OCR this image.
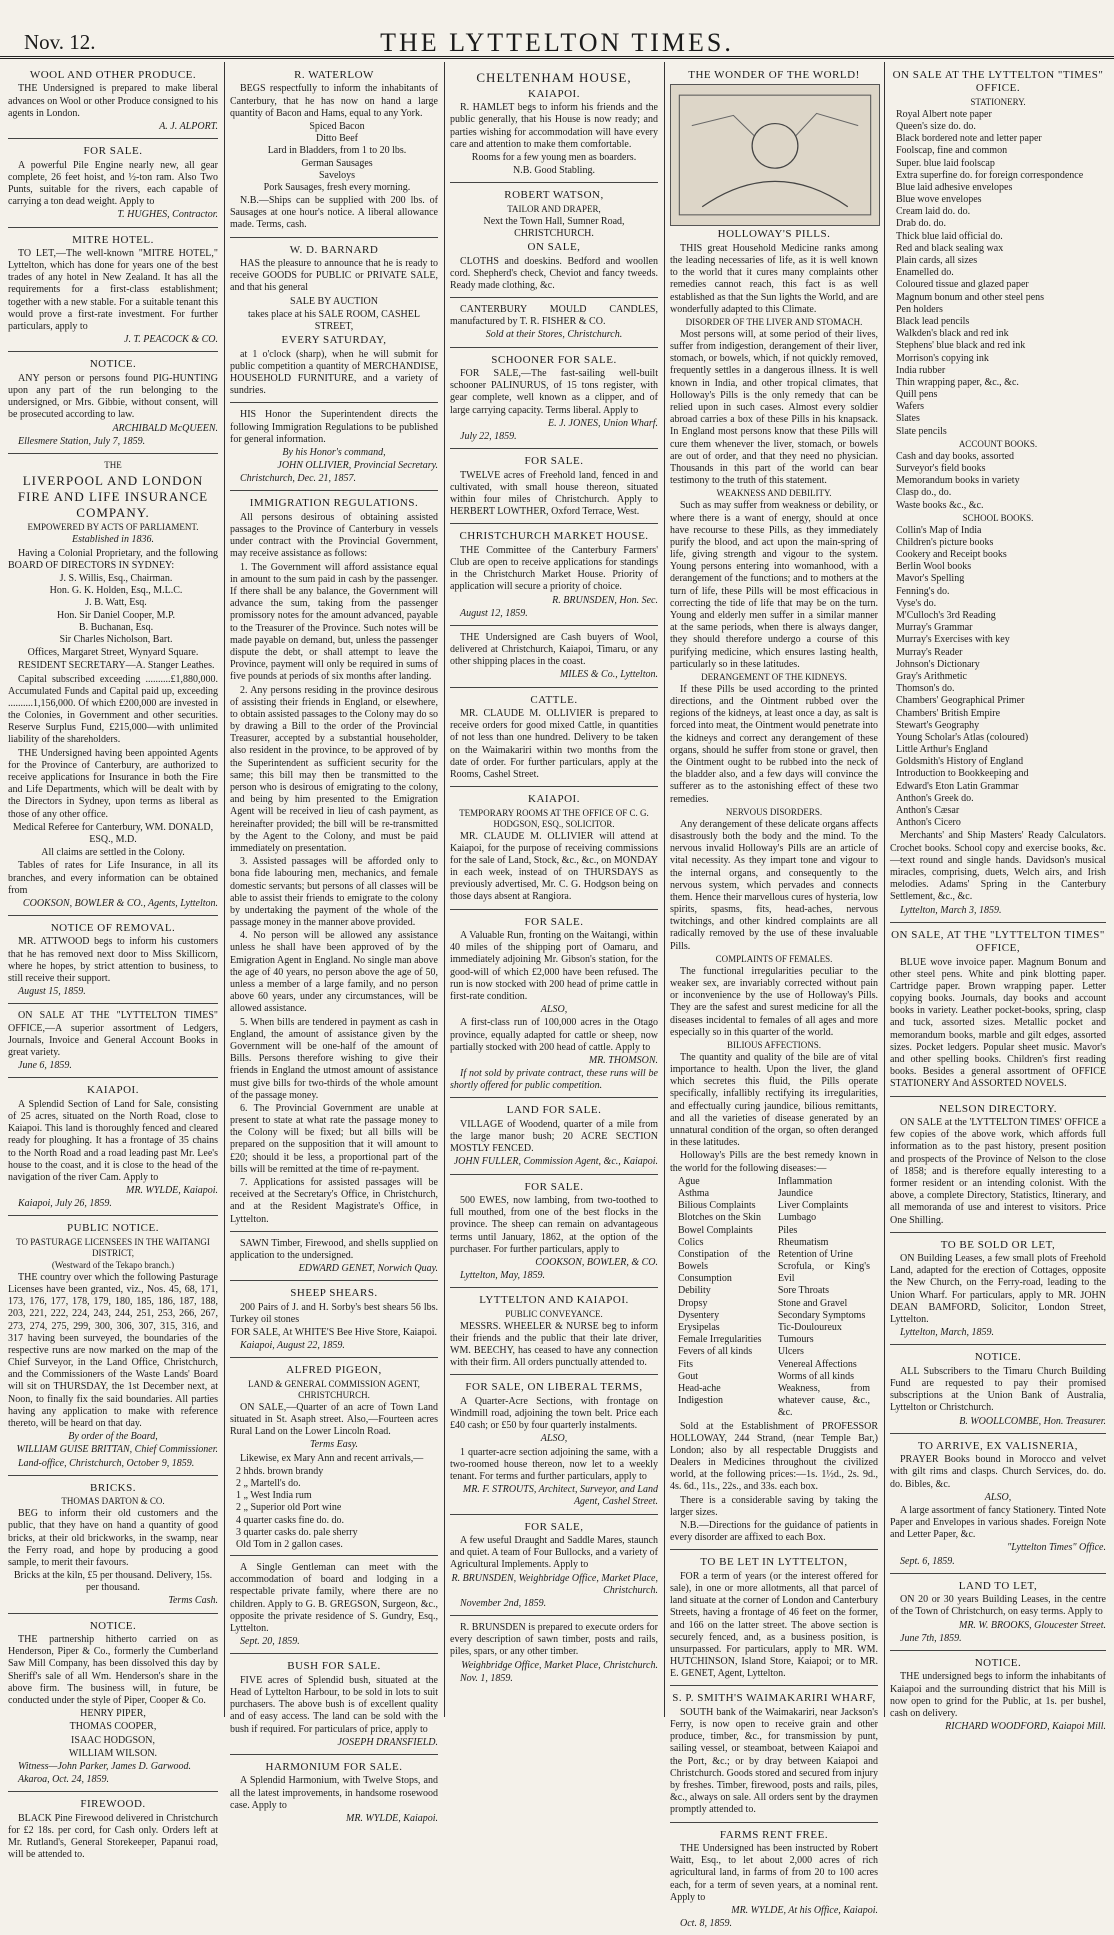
Nov. 12.	THE LYTTELTON TIMES.
WOOL AND OTHER PRODUCE.
THE Undersigned is prepared to make liberal advances on Wool or other Produce consigned to his agents in London.
A. J. ALPORT.
FOR SALE.
A powerful Pile Engine nearly new, all gear complete, 26 feet hoist, and ½-ton ram. Also Two Punts, suitable for the rivers, each capable of carrying a ton dead weight. Apply to
T. HUGHES, Contractor.
MITRE HOTEL.
TO LET,—The well-known "MITRE HOTEL," Lyttelton, which has done for years one of the best trades of any hotel in New Zealand. It has all the requirements for a first-class establishment; together with a new stable. For a suitable tenant this would prove a first-rate investment. For further particulars, apply to
J. T. PEACOCK & CO.
NOTICE.
ANY person or persons found PIG-HUNTING upon any part of the run belonging to the undersigned, or Mrs. Gibbie, without consent, will be prosecuted according to law.
ARCHIBALD McQUEEN.
Ellesmere Station, July 7, 1859.
THE
LIVERPOOL AND LONDON FIRE AND LIFE INSURANCE COMPANY.
EMPOWERED BY ACTS OF PARLIAMENT.
Established in 1836.
Having a Colonial Proprietary, and the following BOARD OF DIRECTORS IN SYDNEY:
J. S. Willis, Esq., Chairman.
Hon. G. K. Holden, Esq., M.L.C.
J. B. Watt, Esq.
Hon. Sir Daniel Cooper, M.P.
B. Buchanan, Esq.
Sir Charles Nicholson, Bart.
Offices, Margaret Street, Wynyard Square.
RESIDENT SECRETARY—A. Stanger Leathes.
Capital subscribed exceeding ..........£1,880,000. Accumulated Funds and Capital paid up, exceeding ..........1,156,000. Of which £200,000 are invested in the Colonies, in Government and other securities. Reserve Surplus Fund, £215,000—with unlimited liability of the shareholders.
THE Undersigned having been appointed Agents for the Province of Canterbury, are authorized to receive applications for Insurance in both the Fire and Life Departments, which will be dealt with by the Directors in Sydney, upon terms as liberal as those of any other office.
Medical Referee for Canterbury, WM. DONALD, ESQ., M.D.
All claims are settled in the Colony.
Tables of rates for Life Insurance, in all its branches, and every information can be obtained from
COOKSON, BOWLER & CO., Agents, Lyttelton.
NOTICE OF REMOVAL.
MR. ATTWOOD begs to inform his customers that he has removed next door to Miss Skillicorn, where he hopes, by strict attention to business, to still receive their support.
August 15, 1859.
ON SALE AT THE "LYTTELTON TIMES" OFFICE,—A superior assortment of Ledgers, Journals, Invoice and General Account Books in great variety.
June 6, 1859.
KAIAPOI.
A Splendid Section of Land for Sale, consisting of 25 acres, situated on the North Road, close to Kaiapoi. This land is thoroughly fenced and cleared ready for ploughing. It has a frontage of 35 chains to the North Road and a road leading past Mr. Lee's house to the coast, and it is close to the head of the navigation of the river Cam. Apply to
MR. WYLDE, Kaiapoi.
Kaiapoi, July 26, 1859.
PUBLIC NOTICE.
TO PASTURAGE LICENSEES IN THE WAITANGI DISTRICT,
(Westward of the Tekapo branch.)
THE country over which the following Pasturage Licenses have been granted, viz., Nos. 45, 68, 171, 173, 176, 177, 178, 179, 180, 185, 186, 187, 188, 203, 221, 222, 224, 243, 244, 251, 253, 266, 267, 273, 274, 275, 299, 300, 306, 307, 315, 316, and 317 having been surveyed, the boundaries of the respective runs are now marked on the map of the Chief Surveyor, in the Land Office, Christchurch, and the Commissioners of the Waste Lands' Board will sit on THURSDAY, the 1st December next, at Noon, to finally fix the said boundaries. All parties having any application to make with reference thereto, will be heard on that day.
By order of the Board,
WILLIAM GUISE BRITTAN, Chief Commissioner.
Land-office, Christchurch, October 9, 1859.
BRICKS.
THOMAS DARTON & CO.
BEG to inform their old customers and the public, that they have on hand a quantity of good bricks, at their old brickworks, in the swamp, near the Ferry road, and hope by producing a good sample, to merit their favours.
Bricks at the kiln, £5 per thousand. Delivery, 15s. per thousand.
Terms Cash.
NOTICE.
THE partnership hitherto carried on as Henderson, Piper & Co., formerly the Cumberland Saw Mill Company, has been dissolved this day by Sheriff's sale of all Wm. Henderson's share in the above firm. The business will, in future, be conducted under the style of Piper, Cooper & Co.
HENRY PIPER,
THOMAS COOPER,
ISAAC HODGSON,
WILLIAM WILSON.
Witness—John Parker, James D. Garwood.
Akaroa, Oct. 24, 1859.
FIREWOOD.
BLACK Pine Firewood delivered in Christchurch for £2 18s. per cord, for Cash only. Orders left at Mr. Rutland's, General Storekeeper, Papanui road, will be attended to.
R. WATERLOW
BEGS respectfully to inform the inhabitants of Canterbury, that he has now on hand a large quantity of Bacon and Hams, equal to any York.
Spiced Bacon
Ditto Beef
Lard in Bladders, from 1 to 20 lbs.
German Sausages
Saveloys
Pork Sausages, fresh every morning.
N.B.—Ships can be supplied with 200 lbs. of Sausages at one hour's notice. A liberal allowance made. Terms, cash.
W. D. BARNARD
HAS the pleasure to announce that he is ready to receive GOODS for PUBLIC or PRIVATE SALE, and that his general
SALE BY AUCTION
takes place at his SALE ROOM, CASHEL STREET,
EVERY SATURDAY,
at 1 o'clock (sharp), when he will submit for public competition a quantity of MERCHANDISE, HOUSEHOLD FURNITURE, and a variety of sundries.
HIS Honor the Superintendent directs the following Immigration Regulations to be published for general information.
By his Honor's command,
JOHN OLLIVIER, Provincial Secretary.
Christchurch, Dec. 21, 1857.
IMMIGRATION REGULATIONS.
All persons desirous of obtaining assisted passages to the Province of Canterbury in vessels under contract with the Provincial Government, may receive assistance as follows:
1. The Government will afford assistance equal in amount to the sum paid in cash by the passenger. If there shall be any balance, the Government will advance the sum, taking from the passenger promissory notes for the amount advanced, payable to the Treasurer of the Province. Such notes will be made payable on demand, but, unless the passenger dispute the debt, or shall attempt to leave the Province, payment will only be required in sums of five pounds at periods of six months after landing.
2. Any persons residing in the province desirous of assisting their friends in England, or elsewhere, to obtain assisted passages to the Colony may do so by drawing a Bill to the order of the Provincial Treasurer, accepted by a substantial householder, also resident in the province, to be approved of by the Superintendent as sufficient security for the same; this bill may then be transmitted to the person who is desirous of emigrating to the colony, and being by him presented to the Emigration Agent will be received in lieu of cash payment, as hereinafter provided; the bill will be re-transmitted by the Agent to the Colony, and must be paid immediately on presentation.
3. Assisted passages will be afforded only to bona fide labouring men, mechanics, and female domestic servants; but persons of all classes will be able to assist their friends to emigrate to the colony by undertaking the payment of the whole of the passage money in the manner above provided.
4. No person will be allowed any assistance unless he shall have been approved of by the Emigration Agent in England. No single man above the age of 40 years, no person above the age of 50, unless a member of a large family, and no person above 60 years, under any circumstances, will be allowed assistance.
5. When bills are tendered in payment as cash in England, the amount of assistance given by the Government will be one-half of the amount of Bills. Persons therefore wishing to give their friends in England the utmost amount of assistance must give bills for two-thirds of the whole amount of the passage money.
6. The Provincial Government are unable at present to state at what rate the passage money to the Colony will be fixed; but all bills will be prepared on the supposition that it will amount to £20; should it be less, a proportional part of the bills will be remitted at the time of re-payment.
7. Applications for assisted passages will be received at the Secretary's Office, in Christchurch, and at the Resident Magistrate's Office, in Lyttelton.
SAWN Timber, Firewood, and shells supplied on application to the undersigned.
EDWARD GENET, Norwich Quay.
SHEEP SHEARS.
200 Pairs of J. and H. Sorby's best shears 56 lbs. Turkey oil stones
FOR SALE, At WHITE'S Bee Hive Store, Kaiapoi.
Kaiapoi, August 22, 1859.
ALFRED PIGEON,
LAND & GENERAL COMMISSION AGENT, CHRISTCHURCH.
ON SALE,—Quarter of an acre of Town Land situated in St. Asaph street. Also,—Fourteen acres Rural Land on the Lower Lincoln Road.
Terms Easy.
Likewise, ex Mary Ann and recent arrivals,—
2 hhds. brown brandy
2 „ Martell's do.
1 „ West India rum
2 „ Superior old Port wine
4 quarter casks fine do. do.
3 quarter casks do. pale sherry
Old Tom in 2 gallon cases.
A Single Gentleman can meet with the accommodation of board and lodging in a respectable private family, where there are no children. Apply to G. B. GREGSON, Surgeon, &c., opposite the private residence of S. Gundry, Esq., Lyttelton.
Sept. 20, 1859.
BUSH FOR SALE.
FIVE acres of Splendid bush, situated at the Head of Lyttelton Harbour, to be sold in lots to suit purchasers. The above bush is of excellent quality and of easy access. The land can be sold with the bush if required. For particulars of price, apply to
JOSEPH DRANSFIELD.
HARMONIUM FOR SALE.
A Splendid Harmonium, with Twelve Stops, and all the latest improvements, in handsome rosewood case. Apply to
MR. WYLDE, Kaiapoi.
CHELTENHAM HOUSE,
KAIAPOI.
R. HAMLET begs to inform his friends and the public generally, that his House is now ready; and parties wishing for accommodation will have every care and attention to make them comfortable.
Rooms for a few young men as boarders.
N.B. Good Stabling.
ROBERT WATSON,
TAILOR AND DRAPER,
Next the Town Hall, Sumner Road, CHRISTCHURCH.
ON SALE,
CLOTHS and doeskins. Bedford and woollen cord. Shepherd's check, Cheviot and fancy tweeds. Ready made clothing, &c.
CANTERBURY MOULD CANDLES, manufactured by T. R. FISHER & CO.
Sold at their Stores, Christchurch.
SCHOONER FOR SALE.
FOR SALE,—The fast-sailing well-built schooner PALINURUS, of 15 tons register, with gear complete, well known as a clipper, and of large carrying capacity. Terms liberal. Apply to
E. J. JONES, Union Wharf.
July 22, 1859.
FOR SALE.
TWELVE acres of Freehold land, fenced in and cultivated, with small house thereon, situated within four miles of Christchurch. Apply to HERBERT LOWTHER, Oxford Terrace, West.
CHRISTCHURCH MARKET HOUSE.
THE Committee of the Canterbury Farmers' Club are open to receive applications for standings in the Christchurch Market House. Priority of application will secure a priority of choice.
R. BRUNSDEN, Hon. Sec.
August 12, 1859.
THE Undersigned are Cash buyers of Wool, delivered at Christchurch, Kaiapoi, Timaru, or any other shipping places in the coast.
MILES & Co., Lyttelton.
CATTLE.
MR. CLAUDE M. OLLIVIER is prepared to receive orders for good mixed Cattle, in quantities of not less than one hundred. Delivery to be taken on the Waimakariri within two months from the date of order. For further particulars, apply at the Rooms, Cashel Street.
KAIAPOI.
TEMPORARY ROOMS AT THE OFFICE OF C. G. HODGSON, ESQ., SOLICITOR.
MR. CLAUDE M. OLLIVIER will attend at Kaiapoi, for the purpose of receiving commissions for the sale of Land, Stock, &c., &c., on MONDAY in each week, instead of on THURSDAYS as previously advertised, Mr. C. G. Hodgson being on those days absent at Rangiora.
FOR SALE.
A Valuable Run, fronting on the Waitangi, within 40 miles of the shipping port of Oamaru, and immediately adjoining Mr. Gibson's station, for the good-will of which £2,000 have been refused. The run is now stocked with 200 head of prime cattle in first-rate condition.
ALSO,
A first-class run of 100,000 acres in the Otago province, equally adapted for cattle or sheep, now partially stocked with 200 head of cattle. Apply to
MR. THOMSON.
If not sold by private contract, these runs will be shortly offered for public competition.
LAND FOR SALE.
VILLAGE of Woodend, quarter of a mile from the large manor bush; 20 ACRE SECTION MOSTLY FENCED.
JOHN FULLER, Commission Agent, &c., Kaiapoi.
FOR SALE.
500 EWES, now lambing, from two-toothed to full mouthed, from one of the best flocks in the province. The sheep can remain on advantageous terms until January, 1862, at the option of the purchaser. For further particulars, apply to
COOKSON, BOWLER, & CO.
Lyttelton, May, 1859.
LYTTELTON AND KAIAPOI.
PUBLIC CONVEYANCE.
MESSRS. WHEELER & NURSE beg to inform their friends and the public that their late driver, WM. BEECHY, has ceased to have any connection with their firm. All orders punctually attended to.
FOR SALE, ON LIBERAL TERMS,
A Quarter-Acre Sections, with frontage on Windmill road, adjoining the town belt. Price each £40 cash; or £50 by four quarterly instalments.
ALSO,
1 quarter-acre section adjoining the same, with a two-roomed house thereon, now let to a weekly tenant. For terms and further particulars, apply to
MR. F. STROUTS, Architect, Surveyor, and Land Agent, Cashel Street.
FOR SALE,
A few useful Draught and Saddle Mares, staunch and quiet. A team of Four Bullocks, and a variety of Agricultural Implements. Apply to
R. BRUNSDEN, Weighbridge Office, Market Place, Christchurch.
November 2nd, 1859.
R. BRUNSDEN is prepared to execute orders for every description of sawn timber, posts and rails, piles, spars, or any other timber.
Weighbridge Office, Market Place, Christchurch.
Nov. 1, 1859.
THE WONDER OF THE WORLD!
HOLLOWAY'S PILLS.
THIS great Household Medicine ranks among the leading necessaries of life, as it is well known to the world that it cures many complaints other remedies cannot reach, this fact is as well established as that the Sun lights the World, and are wonderfully adapted to this Climate.
DISORDER OF THE LIVER AND STOMACH.
Most persons will, at some period of their lives, suffer from indigestion, derangement of their liver, stomach, or bowels, which, if not quickly removed, frequently settles in a dangerous illness. It is well known in India, and other tropical climates, that Holloway's Pills is the only remedy that can be relied upon in such cases. Almost every soldier abroad carries a box of these Pills in his knapsack. In England most persons know that these Pills will cure them whenever the liver, stomach, or bowels are out of order, and that they need no physician. Thousands in this part of the world can bear testimony to the truth of this statement.
WEAKNESS AND DEBILITY.
Such as may suffer from weakness or debility, or where there is a want of energy, should at once have recourse to these Pills, as they immediately purify the blood, and act upon the main-spring of life, giving strength and vigour to the system. Young persons entering into womanhood, with a derangement of the functions; and to mothers at the turn of life, these Pills will be most efficacious in correcting the tide of life that may be on the turn. Young and elderly men suffer in a similar manner at the same periods, when there is always danger, they should therefore undergo a course of this purifying medicine, which ensures lasting health, particularly so in these latitudes.
DERANGEMENT OF THE KIDNEYS.
If these Pills be used according to the printed directions, and the Ointment rubbed over the regions of the kidneys, at least once a day, as salt is forced into meat, the Ointment would penetrate into the kidneys and correct any derangement of these organs, should he suffer from stone or gravel, then the Ointment ought to be rubbed into the neck of the bladder also, and a few days will convince the sufferer as to the astonishing effect of these two remedies.
NERVOUS DISORDERS.
Any derangement of these delicate organs affects disastrously both the body and the mind. To the nervous invalid Holloway's Pills are an article of vital necessity. As they impart tone and vigour to the internal organs, and consequently to the nervous system, which pervades and connects them. Hence their marvellous cures of hysteria, low spirits, spasms, fits, head-aches, nervous twitchings, and other kindred complaints are all radically removed by the use of these invaluable Pills.
COMPLAINTS OF FEMALES.
The functional irregularities peculiar to the weaker sex, are invariably corrected without pain or inconvenience by the use of Holloway's Pills. They are the safest and surest medicine for all the diseases incidental to females of all ages and more especially so in this quarter of the world.
BILIOUS AFFECTIONS.
The quantity and quality of the bile are of vital importance to health. Upon the liver, the gland which secretes this fluid, the Pills operate specifically, infallibly rectifying its irregularities, and effectually curing jaundice, bilious remittants, and all the varieties of disease generated by an unnatural condition of the organ, so often deranged in these latitudes.
Holloway's Pills are the best remedy known in the world for the following diseases:—
Ague
Asthma
Bilious Complaints
Blotches on the Skin
Bowel Complaints
Colics
Constipation of the Bowels
Consumption
Debility
Dropsy
Dysentery
Erysipelas
Female Irregularities
Fevers of all kinds
Fits
Gout
Head-ache
Indigestion
Inflammation
Jaundice
Liver Complaints
Lumbago
Piles
Rheumatism
Retention of Urine
Scrofula, or King's Evil
Sore Throats
Stone and Gravel
Secondary Symptoms
Tic-Douloureux
Tumours
Ulcers
Venereal Affections
Worms of all kinds
Weakness, from whatever cause, &c., &c.
Sold at the Establishment of PROFESSOR HOLLOWAY, 244 Strand, (near Temple Bar,) London; also by all respectable Druggists and Dealers in Medicines throughout the civilized world, at the following prices:—1s. 1½d., 2s. 9d., 4s. 6d., 11s., 22s., and 33s. each box.
There is a considerable saving by taking the larger sizes.
N.B.—Directions for the guidance of patients in every disorder are affixed to each Box.
TO BE LET IN LYTTELTON,
FOR a term of years (or the interest offered for sale), in one or more allotments, all that parcel of land situate at the corner of London and Canterbury Streets, having a frontage of 46 feet on the former, and 166 on the latter street. The above section is securely fenced, and, as a business position, is unsurpassed. For particulars, apply to MR. WM. HUTCHINSON, Island Store, Kaiapoi; or to MR. E. GENET, Agent, Lyttelton.
S. P. SMITH'S WAIMAKARIRI WHARF,
SOUTH bank of the Waimakariri, near Jackson's Ferry, is now open to receive grain and other produce, timber, &c., for transmission by punt, sailing vessel, or steamboat, between Kaiapoi and the Port, &c.; or by dray between Kaiapoi and Christchurch. Goods stored and secured from injury by freshes. Timber, firewood, posts and rails, piles, &c., always on sale. All orders sent by the draymen promptly attended to.
FARMS RENT FREE.
THE Undersigned has been instructed by Robert Waitt, Esq., to let about 2,000 acres of rich agricultural land, in farms of from 20 to 100 acres each, for a term of seven years, at a nominal rent. Apply to
MR. WYLDE, At his Office, Kaiapoi.
Oct. 8, 1859.
ON SALE AT THE LYTTELTON "TIMES" OFFICE.
STATIONERY.
Royal Albert note paper
Queen's size do. do.
Black bordered note and letter paper
Foolscap, fine and common
Super. blue laid foolscap
Extra superfine do. for foreign correspondence
Blue laid adhesive envelopes
Blue wove envelopes
Cream laid do. do.
Drab do. do.
Thick blue laid official do.
Red and black sealing wax
Plain cards, all sizes
Enamelled do.
Coloured tissue and glazed paper
Magnum bonum and other steel pens
Pen holders
Black lead pencils
Walkden's black and red ink
Stephens' blue black and red ink
Morrison's copying ink
India rubber
Thin wrapping paper, &c., &c.
Quill pens
Wafers
Slates
Slate pencils
ACCOUNT BOOKS.
Cash and day books, assorted
Surveyor's field books
Memorandum books in variety
Clasp do., do.
Waste books &c., &c.
SCHOOL BOOKS.
Collin's Map of India
Children's picture books
Cookery and Receipt books
Berlin Wool books
Mavor's Spelling
Fenning's do.
Vyse's do.
M'Culloch's 3rd Reading
Murray's Grammar
Murray's Exercises with key
Murray's Reader
Johnson's Dictionary
Gray's Arithmetic
Thomson's do.
Chambers' Geographical Primer
Chambers' British Empire
Stewart's Geography
Young Scholar's Atlas (coloured)
Little Arthur's England
Goldsmith's History of England
Introduction to Bookkeeping and
Edward's Eton Latin Grammar
Anthon's Greek do.
Anthon's Cæsar
Anthon's Cicero
Merchants' and Ship Masters' Ready Calculators. Crochet books. School copy and exercise books, &c.—text round and single hands. Davidson's musical miracles, comprising, duets, Welch airs, and Irish melodies. Adams' Spring in the Canterbury Settlement, &c., &c.
Lyttelton, March 3, 1859.
ON SALE, AT THE "LYTTELTON TIMES" OFFICE,
BLUE wove invoice paper. Magnum Bonum and other steel pens. White and pink blotting paper. Cartridge paper. Brown wrapping paper. Letter copying books. Journals, day books and account books in variety. Leather pocket-books, spring, clasp and tuck, assorted sizes. Metallic pocket and memorandum books, marble and gilt edges, assorted sizes. Pocket ledgers. Popular sheet music. Mavor's and other spelling books. Children's first reading books. Besides a general assortment of OFFICE STATIONERY And ASSORTED NOVELS.
NELSON DIRECTORY.
ON SALE at the 'LYTTELTON TIMES' OFFICE a few copies of the above work, which affords full information as to the past history, present position and prospects of the Province of Nelson to the close of 1858; and is therefore equally interesting to a former resident or an intending colonist. With the above, a complete Directory, Statistics, Itinerary, and all memoranda of use and interest to visitors. Price One Shilling.
TO BE SOLD OR LET,
ON Building Leases, a few small plots of Freehold Land, adapted for the erection of Cottages, opposite the New Church, on the Ferry-road, leading to the Union Wharf. For particulars, apply to MR. JOHN DEAN BAMFORD, Solicitor, London Street, Lyttelton.
Lyttelton, March, 1859.
NOTICE.
ALL Subscribers to the Timaru Church Building Fund are requested to pay their promised subscriptions at the Union Bank of Australia, Lyttelton or Christchurch.
B. WOOLLCOMBE, Hon. Treasurer.
TO ARRIVE, EX VALISNERIA,
PRAYER Books bound in Morocco and velvet with gilt rims and clasps. Church Services, do. do. do. Bibles, &c.
ALSO,
A large assortment of fancy Stationery. Tinted Note Paper and Envelopes in various shades. Foreign Note and Letter Paper, &c.
"Lyttelton Times" Office.
Sept. 6, 1859.
LAND TO LET,
ON 20 or 30 years Building Leases, in the centre of the Town of Christchurch, on easy terms. Apply to
MR. W. BROOKS, Gloucester Street.
June 7th, 1859.
NOTICE.
THE undersigned begs to inform the inhabitants of Kaiapoi and the surrounding district that his Mill is now open to grind for the Public, at 1s. per bushel, cash on delivery.
RICHARD WOODFORD, Kaiapoi Mill.
